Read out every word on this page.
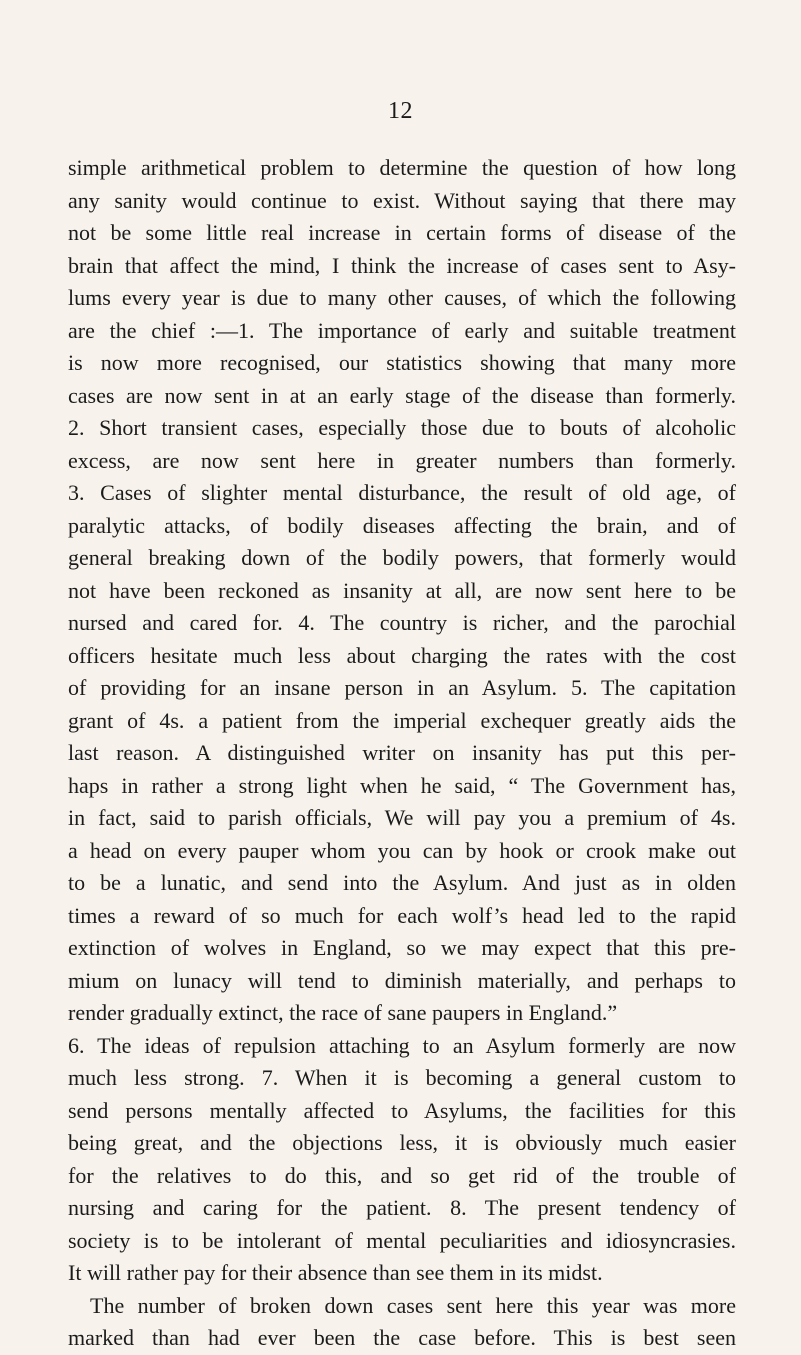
12
simple arithmetical problem to determine the question of how long
any sanity would continue to exist. Without saying that there may
not be some little real increase in certain forms of disease of the
brain that affect the mind, I think the increase of cases sent to Asy-
lums every year is due to many other causes, of which the following
are the chief :—1. The importance of early and suitable treatment
is now more recognised, our statistics showing that many more
cases are now sent in at an early stage of the disease than formerly.
2. Short transient cases, especially those due to bouts of alcoholic
excess, are now sent here in greater numbers than formerly.
3. Cases of slighter mental disturbance, the result of old age, of
paralytic attacks, of bodily diseases affecting the brain, and of
general breaking down of the bodily powers, that formerly would
not have been reckoned as insanity at all, are now sent here to be
nursed and cared for. 4. The country is richer, and the parochial
officers hesitate much less about charging the rates with the cost
of providing for an insane person in an Asylum. 5. The capitation
grant of 4s. a patient from the imperial exchequer greatly aids the
last reason. A distinguished writer on insanity has put this per-
haps in rather a strong light when he said, “ The Government has,
in fact, said to parish officials, We will pay you a premium of 4s.
a head on every pauper whom you can by hook or crook make out
to be a lunatic, and send into the Asylum. And just as in olden
times a reward of so much for each wolf’s head led to the rapid
extinction of wolves in England, so we may expect that this pre-
mium on lunacy will tend to diminish materially, and perhaps to
render gradually extinct, the race of sane paupers in England.”
6. The ideas of repulsion attaching to an Asylum formerly are now
much less strong. 7. When it is becoming a general custom to
send persons mentally affected to Asylums, the facilities for this
being great, and the objections less, it is obviously much easier
for the relatives to do this, and so get rid of the trouble of
nursing and caring for the patient. 8. The present tendency of
society is to be intolerant of mental peculiarities and idiosyncrasies.
It will rather pay for their absence than see them in its midst.
The number of broken down cases sent here this year was more
marked than had ever been the case before. This is best seen
